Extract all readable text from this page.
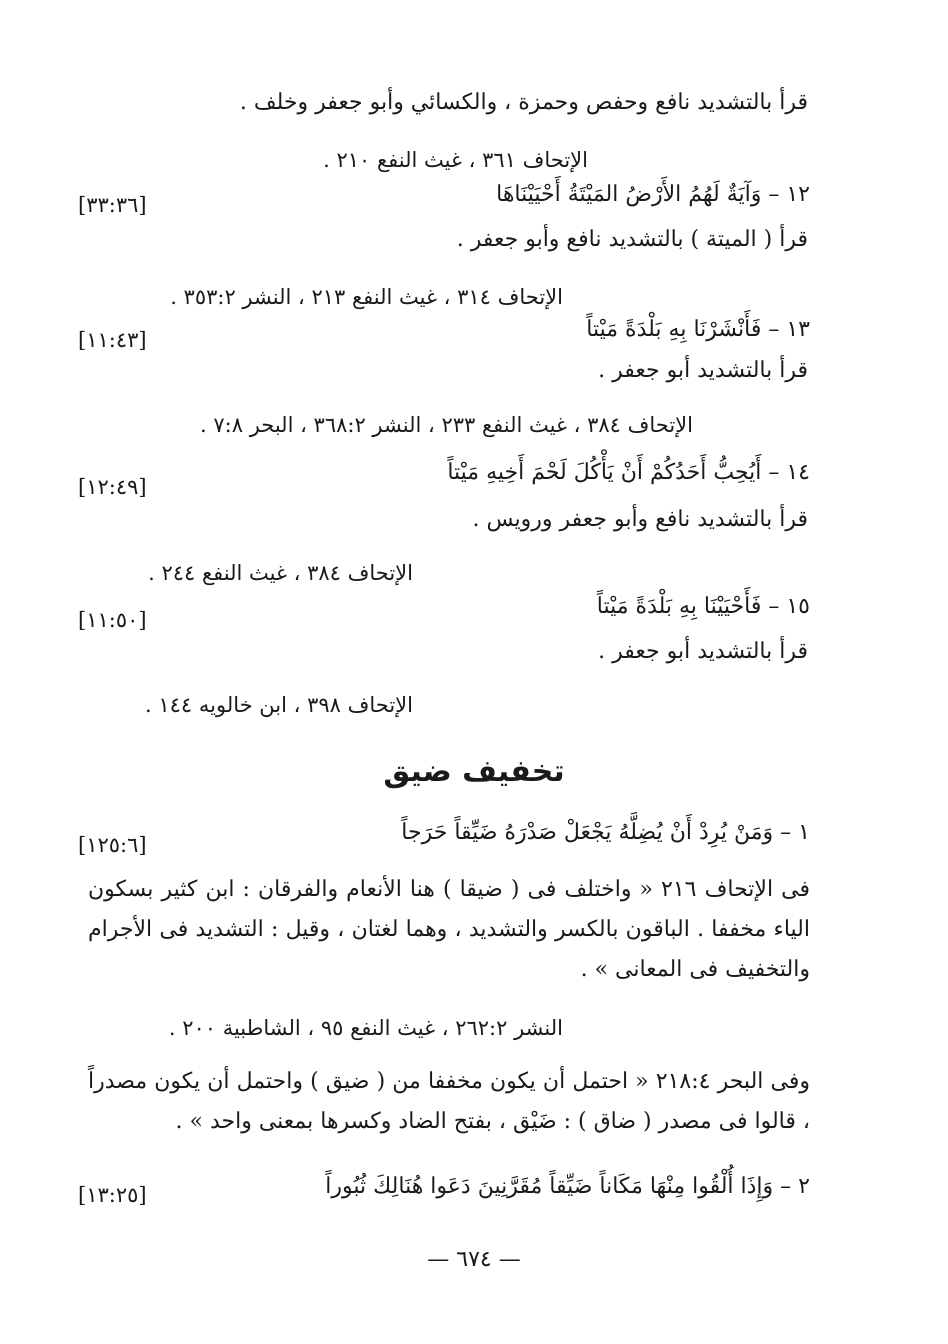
قرأ بالتشديد نافع وحفص وحمزة ، والكسائي وأبو جعفر وخلف .
الإتحاف ٣٦١ ، غيث النفع ٢١٠ .
١٢ – وَآيَةٌ لَهُمُ الأَرْضُ المَيْتَةُ أَحْيَيْنَاهَا
[٣٣:٣٦]
قرأ ( الميتة ) بالتشديد نافع وأبو جعفر .
الإتحاف ٣١٤ ، غيث النفع ٢١٣ ، النشر ٣٥٣:٢ .
١٣ – فَأَنْشَرْنَا بِهِ بَلْدَةً مَيْتاً
[١١:٤٣]
قرأ بالتشديد أبو جعفر .
الإتحاف ٣٨٤ ، غيث النفع ٢٣٣ ، النشر ٣٦٨:٢ ، البحر ٧:٨ .
١٤ – أَيُحِبُّ أَحَدُكُمْ أَنْ يَأْكُلَ لَحْمَ أَخِيهِ مَيْتاً
[١٢:٤٩]
قرأ بالتشديد نافع وأبو جعفر ورويس .
الإتحاف ٣٨٤ ، غيث النفع ٢٤٤ .
١٥ – فَأَحْيَيْنَا بِهِ بَلْدَةً مَيْتاً
[١١:٥٠]
قرأ بالتشديد أبو جعفر .
الإتحاف ٣٩٨ ، ابن خالويه ١٤٤ .
تخفيف ضيق
١ – وَمَنْ يُرِدْ أَنْ يُضِلَّهُ يَجْعَلْ صَدْرَهُ ضَيِّقاً حَرَجاً
[١٢٥:٦]
فى الإتحاف ٢١٦ « واختلف فى ( ضيقا ) هنا الأنعام والفرقان : ابن كثير بسكون الياء مخففا . الباقون بالكسر والتشديد ، وهما لغتان ، وقيل : التشديد فى الأجرام والتخفيف فى المعانى » .
النشر ٢٦٢:٢ ، غيث النفع ٩٥ ، الشاطبية ٢٠٠ .
وفى البحر ٢١٨:٤ « احتمل أن يكون مخففا من ( ضيق ) واحتمل أن يكون مصدراً ، قالوا فى مصدر ( ضاق ) : ضَيْق ، بفتح الضاد وكسرها بمعنى واحد » .
٢ – وَإِذَا أُلْقُوا مِنْهَا مَكَاناً ضَيِّقاً مُقَرَّنِينَ دَعَوا هُنَالِكَ ثُبُوراً
[١٣:٢٥]
— ٦٧٤ —
